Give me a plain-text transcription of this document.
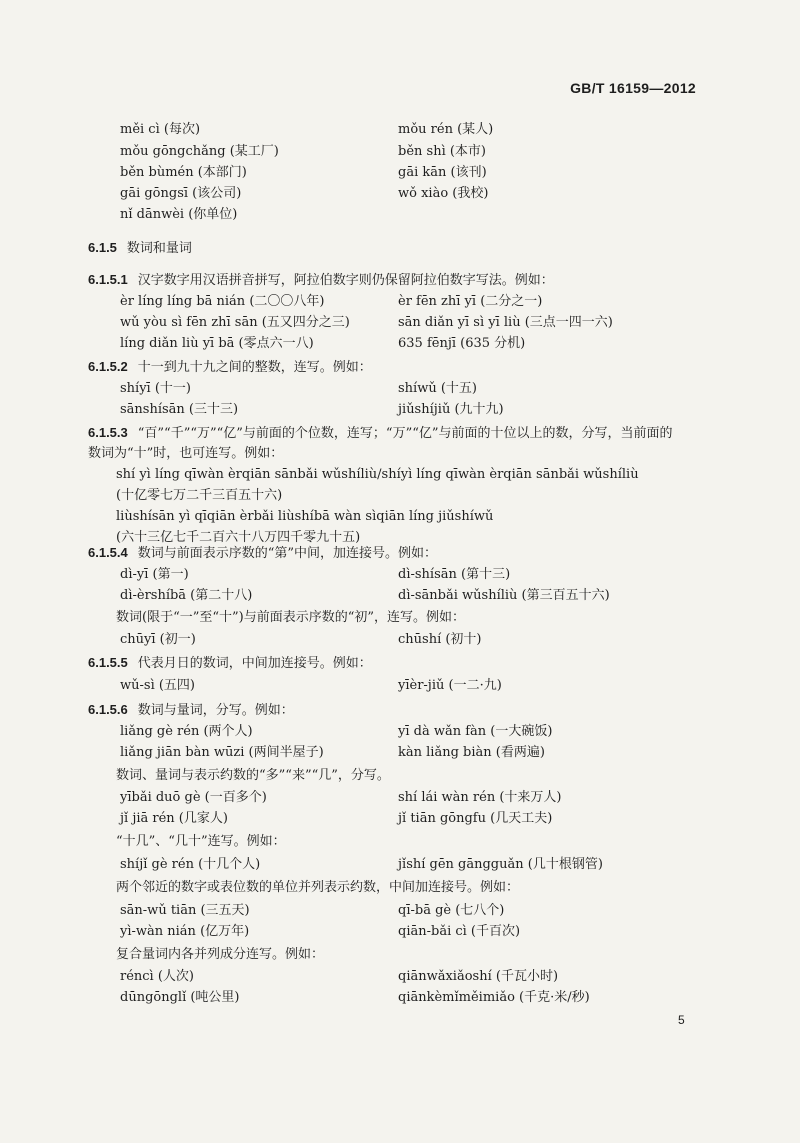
GB/T 16159—2012
měi cì (每次)	mǒu rén (某人)
mǒu gōngchǎng (某工厂)	běn shì (本市)
běn bùmén (本部门)	gāi kān (该刊)
gāi gōngsī (该公司)	wǒ xiào (我校)
nǐ dānwèi (你单位)
6.1.5 数词和量词
6.1.5.1 汉字数字用汉语拼音拼写，阿拉伯数字则仍保留阿拉伯数字写法。例如：
èr líng líng bā nián (二〇〇八年)	èr fēn zhī yī (二分之一)
wǔ yòu sì fēn zhī sān (五又四分之三)	sān diǎn yī sì yī liù (三点一四一六)
líng diǎn liù yī bā (零点六一八)	635 fēnjī (635 分机)
6.1.5.2 十一到九十九之间的整数，连写。例如：
shíyī (十一)	shíwǔ (十五)
sānshísān (三十三)	jiǔshíjiǔ (九十九)
6.1.5.3 “百”“千”“万”“亿”与前面的个位数，连写；“万”“亿”与前面的十位以上的数，分写，当前面的
数词为“十”时，也可连写。例如：
shí yì líng qīwàn èrqiān sānbǎi wǔshíliù/shíyì líng qīwàn èrqiān sānbǎi wǔshíliù
(十亿零七万二千三百五十六)
liùshísān yì qīqiān èrbǎi liùshíbā wàn sìqiān líng jiǔshíwǔ
(六十三亿七千二百六十八万四千零九十五)
6.1.5.4 数词与前面表示序数的“第”中间，加连接号。例如：
dì-yī (第一)	dì-shísān (第十三)
dì-èrshíbā (第二十八)	dì-sānbǎi wǔshíliù (第三百五十六)
数词(限于“一”至“十”)与前面表示序数的“初”，连写。例如：
chūyī (初一)	chūshí (初十)
6.1.5.5 代表月日的数词，中间加连接号。例如：
wǔ-sì (五四)	yīèr-jiǔ (一二·九)
6.1.5.6 数词与量词，分写。例如：
liǎng gè rén (两个人)	yī dà wǎn fàn (一大碗饭)
liǎng jiān bàn wūzi (两间半屋子)	kàn liǎng biàn (看两遍)
数词、量词与表示约数的“多”“来”“几”，分写。
yībǎi duō gè (一百多个)	shí lái wàn rén (十来万人)
jǐ jiā rén (几家人)	jǐ tiān gōngfu (几天工夫)
“十几”、“几十”连写。例如：
shíjǐ gè rén (十几个人)	jǐshí gēn gāngguǎn (几十根钢管)
两个邻近的数字或表位数的单位并列表示约数，中间加连接号。例如：
sān-wǔ tiān (三五天)	qī-bā gè (七八个)
yì-wàn nián (亿万年)	qiān-bǎi cì (千百次)
复合量词内各并列成分连写。例如：
réncì (人次)	qiānwǎxiǎoshí (千瓦小时)
dūngōnglǐ (吨公里)	qiānkèmǐměimiǎo (千克·米/秒)
5
